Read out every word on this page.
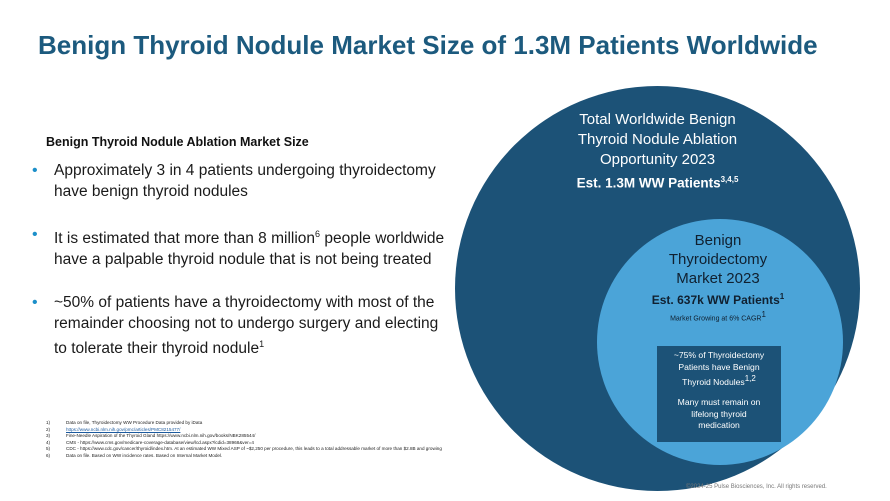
Benign Thyroid Nodule Market Size of 1.3M Patients Worldwide
Benign Thyroid Nodule Ablation Market Size
• Approximately 3 in 4 patients undergoing thyroidectomy have benign thyroid nodules
• It is estimated that more than 8 million$^6$ people worldwide have a palpable thyroid nodule that is not being treated
• ~50% of patients have a thyroidectomy with most of the remainder choosing not to undergo surgery and electing to tolerate their thyroid nodule$^1$
1)	Data on file, Thyroidectomy WW Procedure Data provided by iData
2)	https://www.ncbi.nlm.nih.gov/pmc/articles/PMC8215477/
3)	Fine-Needle Aspiration of the Thyroid Gland https://www.ncbi.nlm.nih.gov/books/NBK285544/
4)	CMS - https://www.cms.gov/medicare-coverage-database/view/lcd.aspx?lcdid=38968&ver=4
5)	CDC - https://www.cdc.gov/cancer/thyroid/index.htm. At an estimated WW Mixed ASP of ~$2,250 per procedure, this leads to a total addressable market of more than $2.8B and growing
6)	Data on file. Based on WW incidence rates. Based on Internal Market Model.
Total Worldwide Benign
Thyroid Nodule Ablation
Opportunity 2023
Est. 1.3M WW Patients$^{3,4,5}$
Benign
Thyroidectomy
Market 2023
Est. 637k WW Patients$^1$
Market Growing at 6% CAGR$^1$
~75% of Thyroidectomy
Patients have Benign
Thyroid Nodules$^{1,2}$
Many must remain on
lifelong thyroid
medication
©2024-25 Pulse Biosciences, Inc. All rights reserved.
